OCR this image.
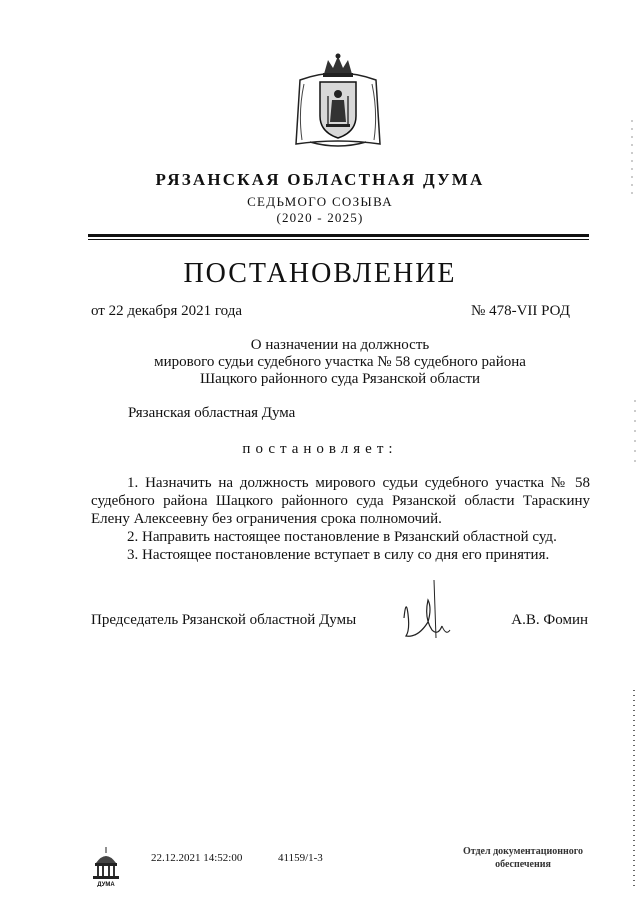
РЯЗАНСКАЯ ОБЛАСТНАЯ ДУМА
СЕДЬМОГО СОЗЫВА
(2020 - 2025)
ПОСТАНОВЛЕНИЕ
от 22 декабря 2021 года	№ 478-VII РОД
О назначении на должность
мирового судьи судебного участка № 58 судебного района
Шацкого районного суда Рязанской области
Рязанская областная Дума
постановляет:
1. Назначить на должность мирового судьи судебного участка № 58 судебного района Шацкого районного суда Рязанской области Тараскину Елену Алексеевну без ограничения срока полномочий.
2. Направить настоящее постановление в Рязанский областной суд.
3. Настоящее постановление вступает в силу со дня его принятия.
Председатель Рязанской областной Думы	А.В. Фомин
ДУМА
22.12.2021 14:52:00	41159/1-3
Отдел документационного
обеспечения
